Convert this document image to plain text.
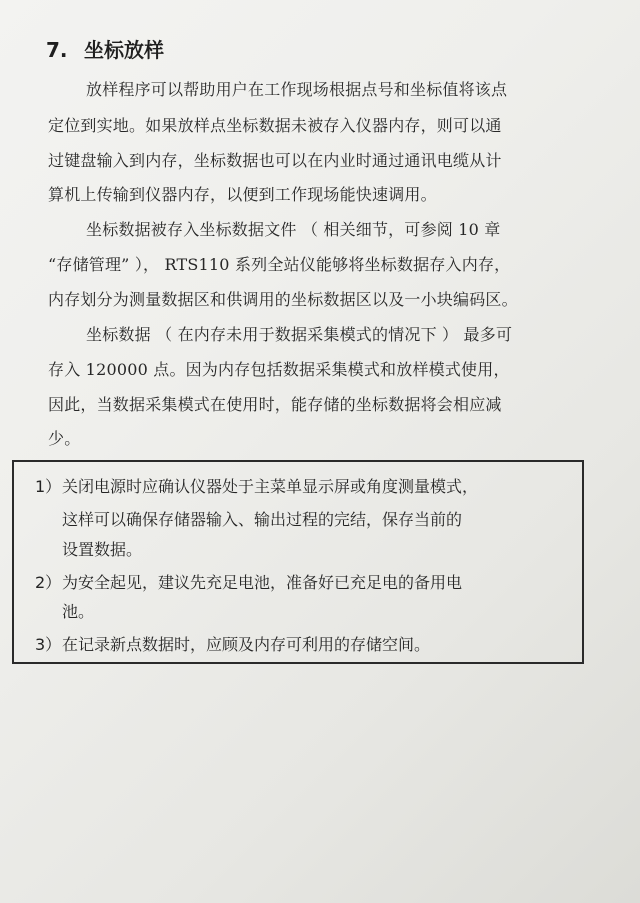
7. 坐标放样
放样程序可以帮助用户在工作现场根据点号和坐标值将该点
定位到实地。如果放样点坐标数据未被存入仪器内存，则可以通
过键盘输入到内存，坐标数据也可以在内业时通过通讯电缆从计
算机上传输到仪器内存，以便到工作现场能快速调用。
坐标数据被存入坐标数据文件 （ 相关细节，可参阅 10 章
“存储管理” ）， RTS110 系列全站仪能够将坐标数据存入内存，
内存划分为测量数据区和供调用的坐标数据区以及一小块编码区。
坐标数据 （ 在内存未用于数据采集模式的情况下 ） 最多可
存入 120000 点。因为内存包括数据采集模式和放样模式使用，
因此，当数据采集模式在使用时，能存储的坐标数据将会相应减
少。
1） 关闭电源时应确认仪器处于主菜单显示屏或角度测量模式，
这样可以确保存储器输入、输出过程的完结，保存当前的
设置数据。
2） 为安全起见，建议先充足电池，准备好已充足电的备用电
池。
3） 在记录新点数据时，应顾及内存可利用的存储空间。
